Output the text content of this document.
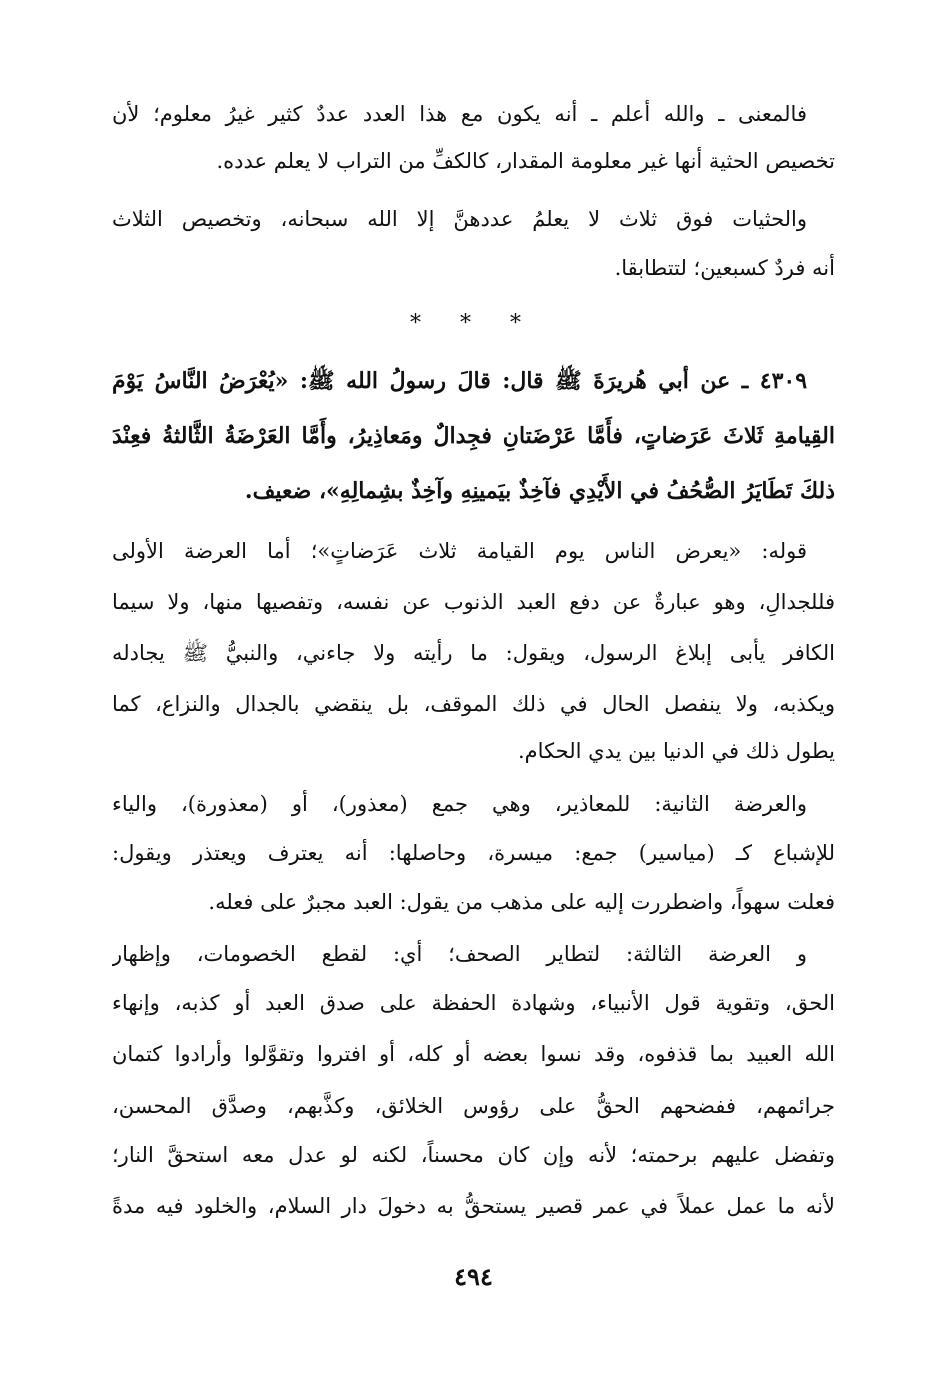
فالمعنى ـ والله أعلم ـ أنه يكون مع هذا العدد عددٌ كثير غيرُ معلوم؛ لأن
تخصيص الحثية أنها غير معلومة المقدار، كالكفِّ من التراب لا يعلم عدده.
والحثيات فوق ثلاث لا يعلمُ عددهنَّ إلا الله سبحانه، وتخصيص الثلاث
أنه فردٌ كسبعين؛ لتتطابقا.
٤٣٠٩ ـ عن أبي هُريرَةَ ﷺ قال: قالَ رسولُ الله ﷺ: «يُعْرَضُ النَّاسُ يَوْمَ
القِيامةِ ثَلاثَ عَرَضاتٍ، فأَمَّا عَرْضَتانِ فجِدالٌ ومَعاذِيرُ، وأَمَّا العَرْضَةُ الثَّالثةُ فعِنْدَ
ذلكَ تَطَايَرُ الصُّحُفُ في الأَيْدِي فآخِذٌ بيَمينِهِ وآخِذٌ بشِمالِهِ»، ضعيف.
قوله: «يعرض الناس يوم القيامة ثلاث عَرَضاتٍ»؛ أما العرضة الأولى
فللجدالِ، وهو عبارةٌ عن دفع العبد الذنوب عن نفسه، وتفصيها منها، ولا سيما
الكافر يأبى إبلاغ الرسول، ويقول: ما رأيته ولا جاءني، والنبيُّ ﷺ يجادله
ويكذبه، ولا ينفصل الحال في ذلك الموقف، بل ينقضي بالجدال والنزاع، كما
يطول ذلك في الدنيا بين يدي الحكام.
والعرضة الثانية: للمعاذير، وهي جمع (معذور)، أو (معذورة)، والياء
للإشباع كـ (مياسير) جمع: ميسرة، وحاصلها: أنه يعترف ويعتذر ويقول:
فعلت سهواً، واضطررت إليه على مذهب من يقول: العبد مجبرٌ على فعله.
و العرضة الثالثة: لتطاير الصحف؛ أي: لقطع الخصومات، وإظهار
الحق، وتقوية قول الأنبياء، وشهادة الحفظة على صدق العبد أو كذبه، وإنهاء
الله العبيد بما قذفوه، وقد نسوا بعضه أو كله، أو افتروا وتقوَّلوا وأرادوا كتمان
جرائمهم، ففضحهم الحقُّ على رؤوس الخلائق، وكذَّبهم، وصدَّق المحسن،
وتفضل عليهم برحمته؛ لأنه وإن كان محسناً، لكنه لو عدل معه استحقَّ النار؛
لأنه ما عمل عملاً في عمر قصير يستحقُّ به دخولَ دار السلام، والخلود فيه مدةً
* * *
٤٩٤
